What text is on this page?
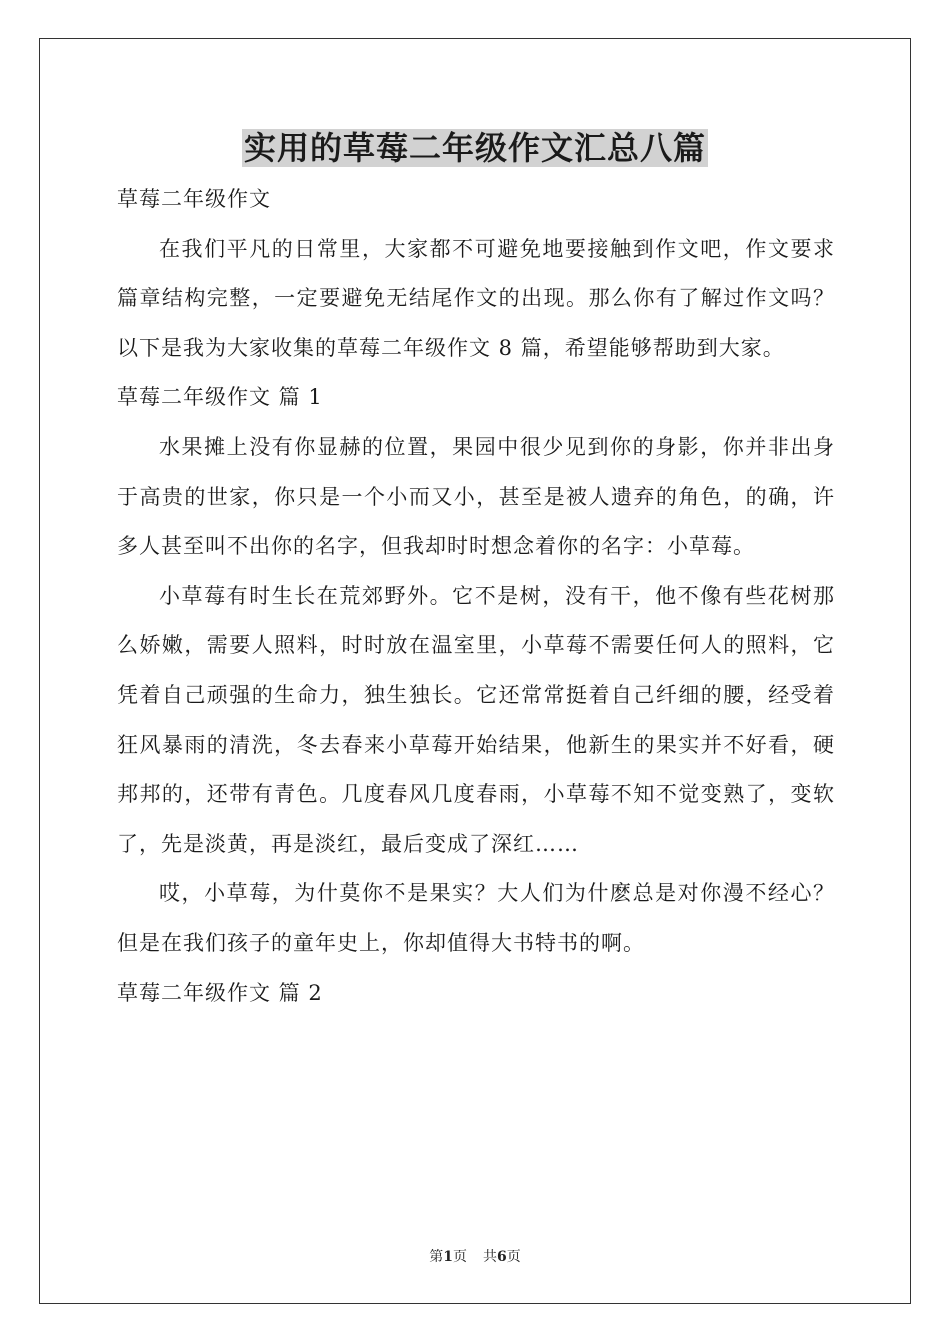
实用的草莓二年级作文汇总八篇

草莓二年级作文

在我们平凡的日常里，大家都不可避免地要接触到作文吧，作文要求篇章结构完整，一定要避免无结尾作文的出现。那么你有了解过作文吗？以下是我为大家收集的草莓二年级作文 8 篇，希望能够帮助到大家。

草莓二年级作文 篇 1

水果摊上没有你显赫的位置，果园中很少见到你的身影，你并非出身于高贵的世家，你只是一个小而又小，甚至是被人遗弃的角色，的确，许多人甚至叫不出你的名字，但我却时时想念着你的名字：小草莓。

小草莓有时生长在荒郊野外。它不是树，没有干，他不像有些花树那么娇嫩，需要人照料，时时放在温室里，小草莓不需要任何人的照料，它凭着自己顽强的生命力，独生独长。它还常常挺着自己纤细的腰，经受着狂风暴雨的清洗，冬去春来小草莓开始结果，他新生的果实并不好看，硬邦邦的，还带有青色。几度春风几度春雨，小草莓不知不觉变熟了，变软了，先是淡黄，再是淡红，最后变成了深红……

哎，小草莓，为什莫你不是果实？大人们为什麽总是对你漫不经心？但是在我们孩子的童年史上，你却值得大书特书的啊。

草莓二年级作文 篇 2

第1页 共6页
